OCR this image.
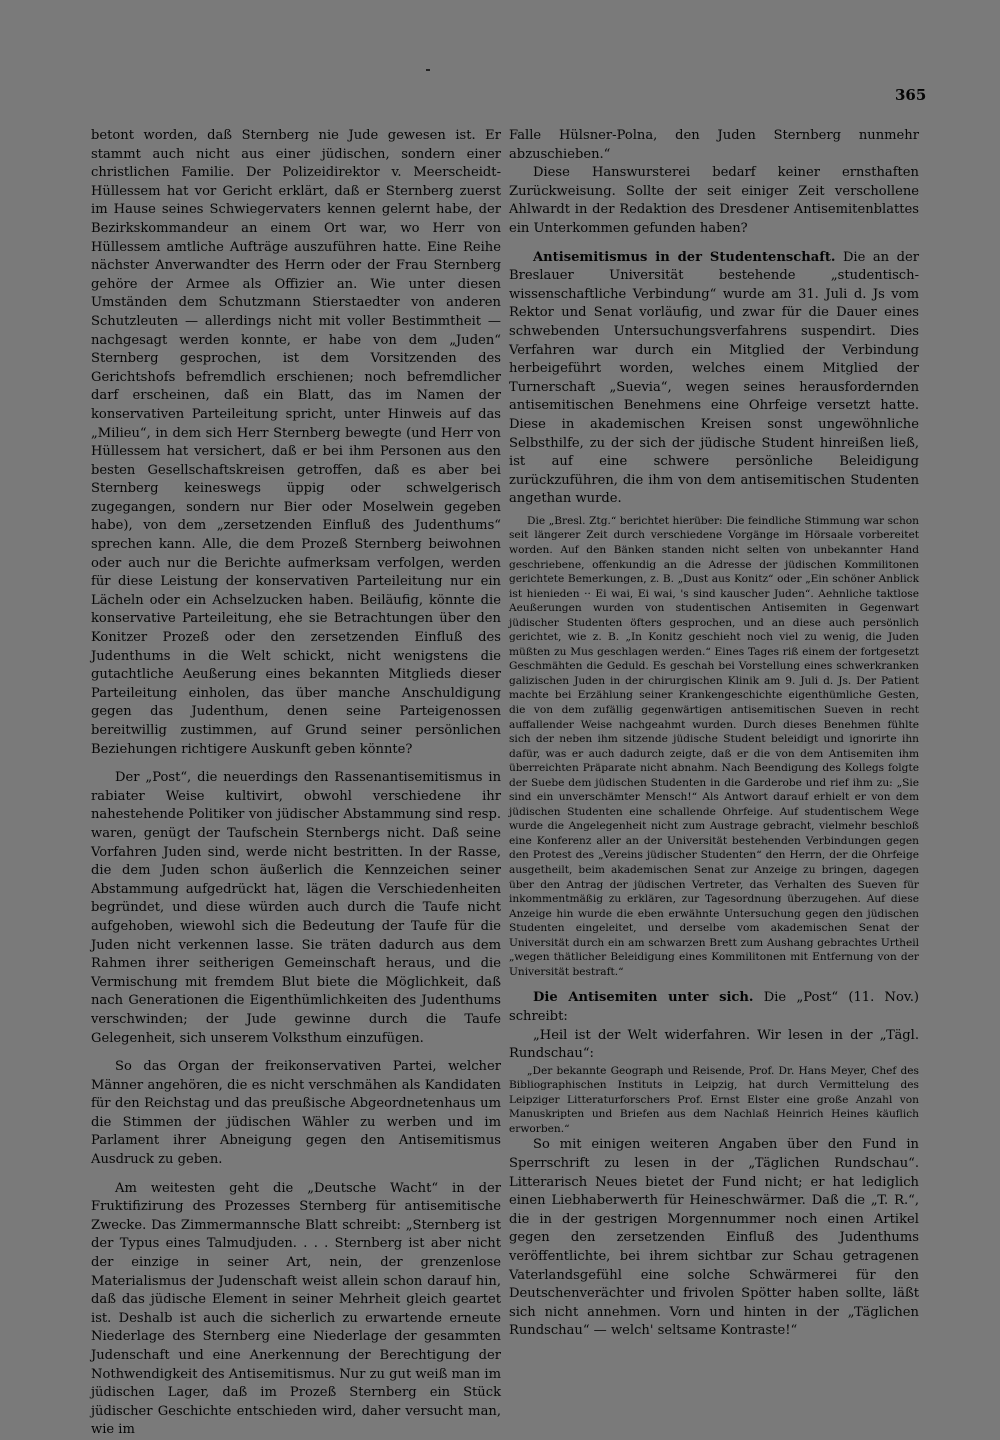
365

betont worden, daß Sternberg nie Jude gewesen ist. Er stammt auch nicht aus einer jüdischen, sondern einer christlichen Familie. Der Polizeidirektor v. Meerscheidt-Hüllessem hat vor Gericht erklärt, daß er Sternberg zuerst im Hause seines Schwiegervaters kennen gelernt habe, der Bezirkskommandeur an einem Ort war, wo Herr von Hüllessem amtliche Aufträge auszuführen hatte. Eine Reihe nächster Anverwandter des Herrn oder der Frau Sternberg gehöre der Armee als Offizier an. Wie unter diesen Umständen dem Schutzmann Stierstaedter von anderen Schutzleuten — allerdings nicht mit voller Bestimmtheit — nachgesagt werden konnte, er habe von dem „Juden“ Sternberg gesprochen, ist dem Vorsitzenden des Gerichtshofs befremdlich erschienen; noch befremdlicher darf erscheinen, daß ein Blatt, das im Namen der konservativen Parteileitung spricht, unter Hinweis auf das „Milieu“, in dem sich Herr Sternberg bewegte (und Herr von Hüllessem hat versichert, daß er bei ihm Personen aus den besten Gesellschaftskreisen getroffen, daß es aber bei Sternberg keineswegs üppig oder schwelgerisch zugegangen, sondern nur Bier oder Moselwein gegeben habe), von dem „zersetzenden Einfluß des Judenthums“ sprechen kann. Alle, die dem Prozeß Sternberg beiwohnen oder auch nur die Berichte aufmerksam verfolgen, werden für diese Leistung der konservativen Parteileitung nur ein Lächeln oder ein Achselzucken haben. Beiläufig, könnte die konservative Parteileitung, ehe sie Betrachtungen über den Konitzer Prozeß oder den zersetzenden Einfluß des Judenthums in die Welt schickt, nicht wenigstens die gutachtliche Aeußerung eines bekannten Mitglieds dieser Parteileitung einholen, das über manche Anschuldigung gegen das Judenthum, denen seine Parteigenossen bereitwillig zustimmen, auf Grund seiner persönlichen Beziehungen richtigere Auskunft geben könnte?

Der „Post“, die neuerdings den Rassenantisemitismus in rabiater Weise kultivirt, obwohl verschiedene ihr nahestehende Politiker von jüdischer Abstammung sind resp. waren, genügt der Taufschein Sternbergs nicht. Daß seine Vorfahren Juden sind, werde nicht bestritten. In der Rasse, die dem Juden schon äußerlich die Kennzeichen seiner Abstammung aufgedrückt hat, lägen die Verschiedenheiten begründet, und diese würden auch durch die Taufe nicht aufgehoben, wiewohl sich die Bedeutung der Taufe für die Juden nicht verkennen lasse. Sie träten dadurch aus dem Rahmen ihrer seitherigen Gemeinschaft heraus, und die Vermischung mit fremdem Blut biete die Möglichkeit, daß nach Generationen die Eigenthümlichkeiten des Judenthums verschwinden; der Jude gewinne durch die Taufe Gelegenheit, sich unserem Volksthum einzufügen.

So das Organ der freikonservativen Partei, welcher Männer angehören, die es nicht verschmähen als Kandidaten für den Reichstag und das preußische Abgeordnetenhaus um die Stimmen der jüdischen Wähler zu werben und im Parlament ihrer Abneigung gegen den Antisemitismus Ausdruck zu geben.

Am weitesten geht die „Deutsche Wacht“ in der Fruktifizirung des Prozesses Sternberg für antisemitische Zwecke. Das Zimmermannsche Blatt schreibt: „Sternberg ist der Typus eines Talmudjuden. . . . Sternberg ist aber nicht der einzige in seiner Art, nein, der grenzenlose Materialismus der Judenschaft weist allein schon darauf hin, daß das jüdische Element in seiner Mehrheit gleich geartet ist. Deshalb ist auch die sicherlich zu erwartende erneute Niederlage des Sternberg eine Niederlage der gesammten Judenschaft und eine Anerkennung der Berechtigung der Nothwendigkeit des Antisemitismus. Nur zu gut weiß man im jüdischen Lager, daß im Prozeß Sternberg ein Stück jüdischer Geschichte entschieden wird, daher versucht man, wie im

Falle Hülsner-Polna, den Juden Sternberg nunmehr abzuschieben.“

Diese Hanswursterei bedarf keiner ernsthaften Zurückweisung. Sollte der seit einiger Zeit verschollene Ahlwardt in der Redaktion des Dresdener Antisemitenblattes ein Unterkommen gefunden haben?

Antisemitismus in der Studentenschaft. Die an der Breslauer Universität bestehende „studentisch-wissenschaftliche Verbindung“ wurde am 31. Juli d. Js vom Rektor und Senat vorläufig, und zwar für die Dauer eines schwebenden Untersuchungsverfahrens suspendirt. Dies Verfahren war durch ein Mitglied der Verbindung herbeigeführt worden, welches einem Mitglied der Turnerschaft „Suevia“, wegen seines herausfordernden antisemitischen Benehmens eine Ohrfeige versetzt hatte. Diese in akademischen Kreisen sonst ungewöhnliche Selbsthilfe, zu der sich der jüdische Student hinreißen ließ, ist auf eine schwere persönliche Beleidigung zurückzuführen, die ihm von dem antisemitischen Studenten angethan wurde.

Die „Bresl. Ztg.“ berichtet hierüber: Die feindliche Stimmung war schon seit längerer Zeit durch verschiedene Vorgänge im Hörsaale vorbereitet worden. Auf den Bänken standen nicht selten von unbekannter Hand geschriebene, offenkundig an die Adresse der jüdischen Kommilitonen gerichtete Bemerkungen, z. B. „Dust aus Konitz“ oder „Ein schöner Anblick ist hienieden ·· Ei wai, Ei wai, 's sind kauscher Juden“. Aehnliche taktlose Aeußerungen wurden von studentischen Antisemiten in Gegenwart jüdischer Studenten öfters gesprochen, und an diese auch persönlich gerichtet, wie z. B. „In Konitz geschieht noch viel zu wenig, die Juden müßten zu Mus geschlagen werden.“ Eines Tages riß einem der fortgesetzt Geschmähten die Geduld. Es geschah bei Vorstellung eines schwerkranken galizischen Juden in der chirurgischen Klinik am 9. Juli d. Js. Der Patient machte bei Erzählung seiner Krankengeschichte eigenthümliche Gesten, die von dem zufällig gegenwärtigen antisemitischen Sueven in recht auffallender Weise nachgeahmt wurden. Durch dieses Benehmen fühlte sich der neben ihm sitzende jüdische Student beleidigt und ignorirte ihn dafür, was er auch dadurch zeigte, daß er die von dem Antisemiten ihm überreichten Präparate nicht abnahm. Nach Beendigung des Kollegs folgte der Suebe dem jüdischen Studenten in die Garderobe und rief ihm zu: „Sie sind ein unverschämter Mensch!“ Als Antwort darauf erhielt er von dem jüdischen Studenten eine schallende Ohrfeige. Auf studentischem Wege wurde die Angelegenheit nicht zum Austrage gebracht, vielmehr beschloß eine Konferenz aller an der Universität bestehenden Verbindungen gegen den Protest des „Vereins jüdischer Studenten“ den Herrn, der die Ohrfeige ausgetheilt, beim akademischen Senat zur Anzeige zu bringen, dagegen über den Antrag der jüdischen Vertreter, das Verhalten des Sueven für inkommentmäßig zu erklären, zur Tagesordnung überzugehen. Auf diese Anzeige hin wurde die eben erwähnte Untersuchung gegen den jüdischen Studenten eingeleitet, und derselbe vom akademischen Senat der Universität durch ein am schwarzen Brett zum Aushang gebrachtes Urtheil „wegen thätlicher Beleidigung eines Kommilitonen mit Entfernung von der Universität bestraft.“

Die Antisemiten unter sich. Die „Post“ (11. Nov.) schreibt:

„Heil ist der Welt widerfahren. Wir lesen in der „Tägl. Rundschau“:

„Der bekannte Geograph und Reisende, Prof. Dr. Hans Meyer, Chef des Bibliographischen Instituts in Leipzig, hat durch Vermittelung des Leipziger Litteraturforschers Prof. Ernst Elster eine große Anzahl von Manuskripten und Briefen aus dem Nachlaß Heinrich Heines käuflich erworben.“

So mit einigen weiteren Angaben über den Fund in Sperrschrift zu lesen in der „Täglichen Rundschau“. Litterarisch Neues bietet der Fund nicht; er hat lediglich einen Liebhaberwerth für Heineschwärmer. Daß die „T. R.“, die in der gestrigen Morgennummer noch einen Artikel gegen den zersetzenden Einfluß des Judenthums veröffentlichte, bei ihrem sichtbar zur Schau getragenen Vaterlandsgefühl eine solche Schwärmerei für den Deutschenverächter und frivolen Spötter haben sollte, läßt sich nicht annehmen. Vorn und hinten in der „Täglichen Rundschau“ — welch' seltsame Kontraste!“
